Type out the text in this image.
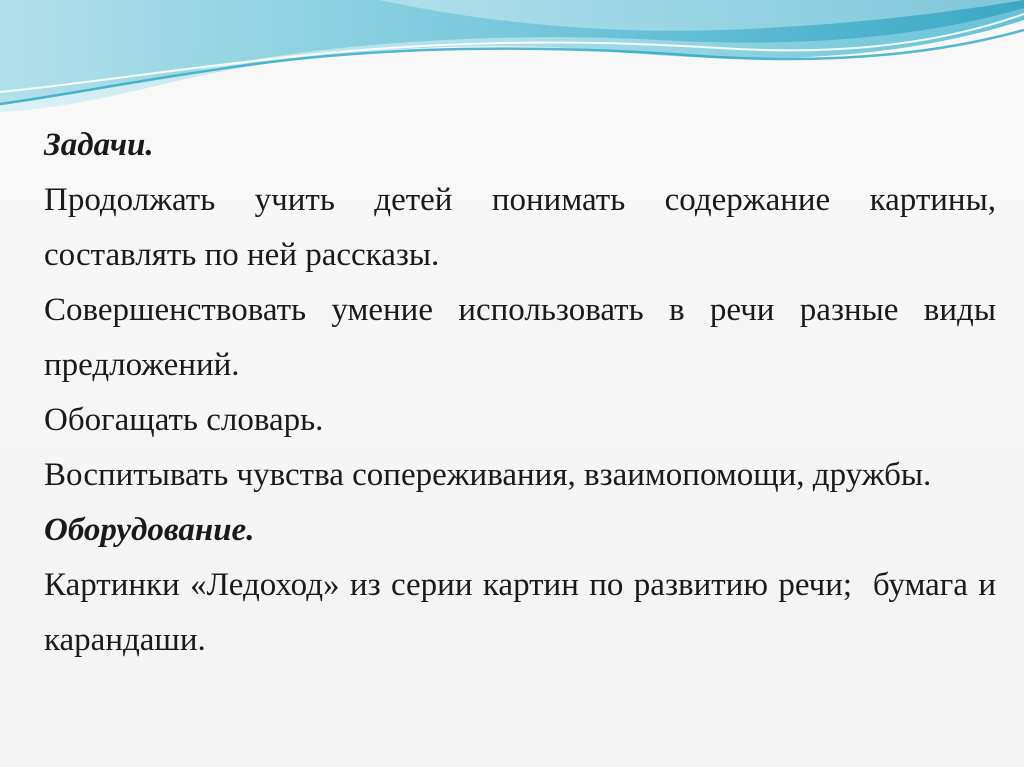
Задачи.

Продолжать учить детей понимать содержание картины, составлять по ней рассказы.

Совершенствовать умение использовать в речи разные виды предложений.

Обогащать словарь.

Воспитывать чувства сопереживания, взаимопомощи, дружбы.

Оборудование.

Картинки «Ледоход» из серии картин по развитию речи;  бумага и карандаши.
